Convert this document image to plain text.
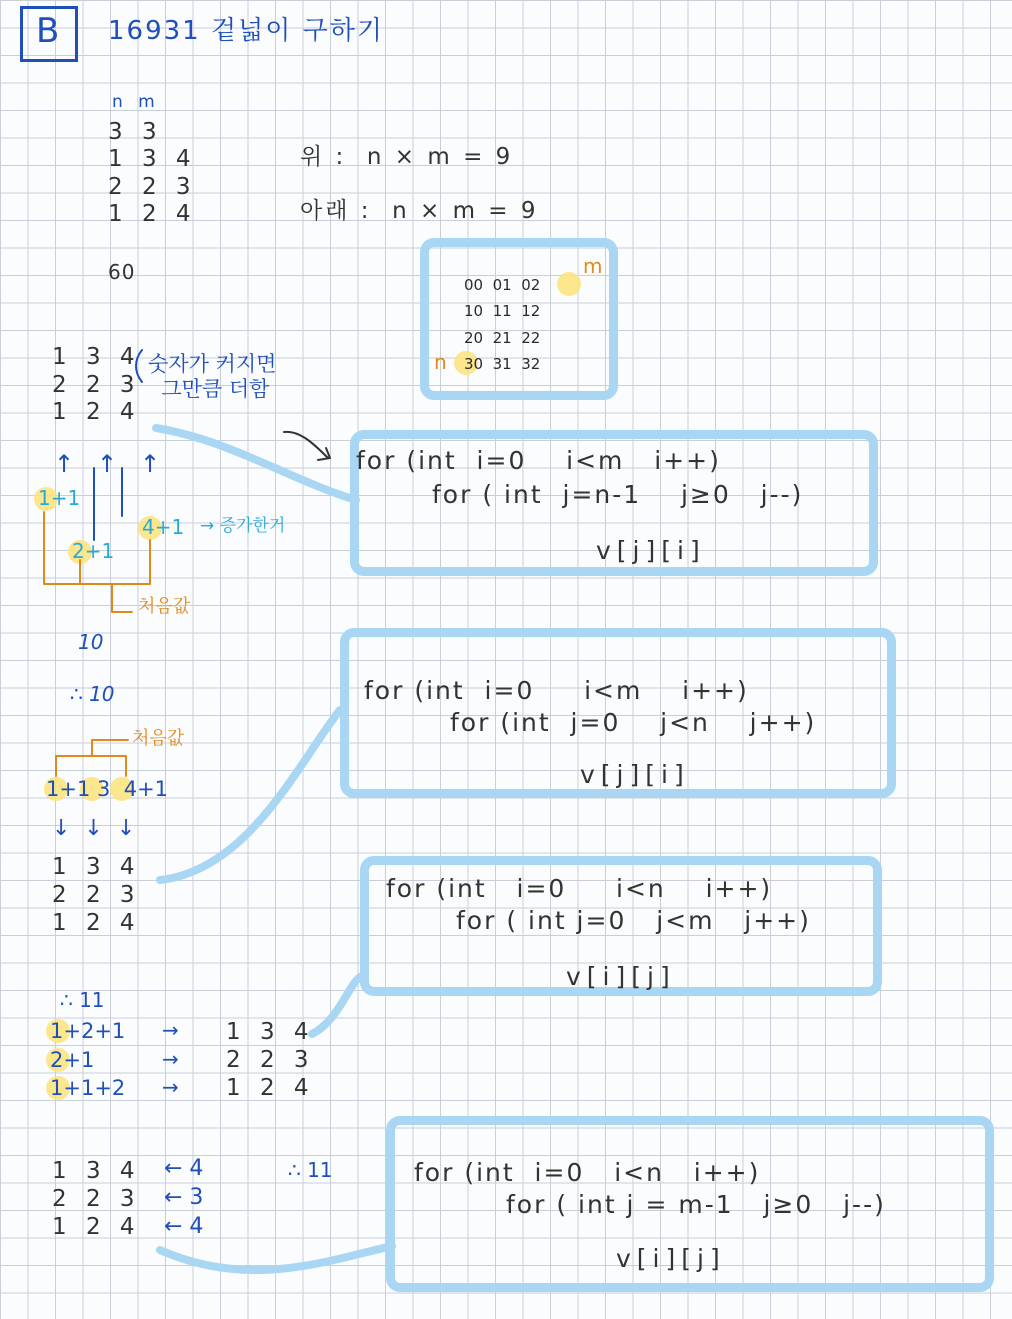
B 16931 겉넓이 구하기
n m
3 3
1 3 4
2 2 3
1 2 4
60
위 :  n × m = 9
아래 :  n × m = 9
00  01  02
10  11  12
20  21  22
30  31  32
m
n
1 3 4
2 2 3
1 2 4
숫자가 커지면
그만큼 더함
↑   ↑   ↑
1+1
2+1
4+1 → 증가한거
처음값
10
for (int  i=0    i<m   i++)
for ( int  j=n-1    j≥0   j--)
v[j][i]
∴ 10
처음값
1+1 3  4+1
↓  ↓  ↓
1 3 4
2 2 3
1 2 4
for (int  i=0     i<m    i++)
for (int  j=0    j<n    j++)
v[j][i]
for (int   i=0     i<n    i++)
for ( int j=0   j<m   j++)
v[i][j]
∴ 11
1+2+1
2+1
1+1+2
→
→
→
1 3 4
2 2 3
1 2 4
1 3 4
2 2 3
1 2 4
← 4
← 3
← 4
∴ 11	for (int  i=0   i<n   i++)
for ( int j = m-1   j≥0   j--)
v[i][j]
